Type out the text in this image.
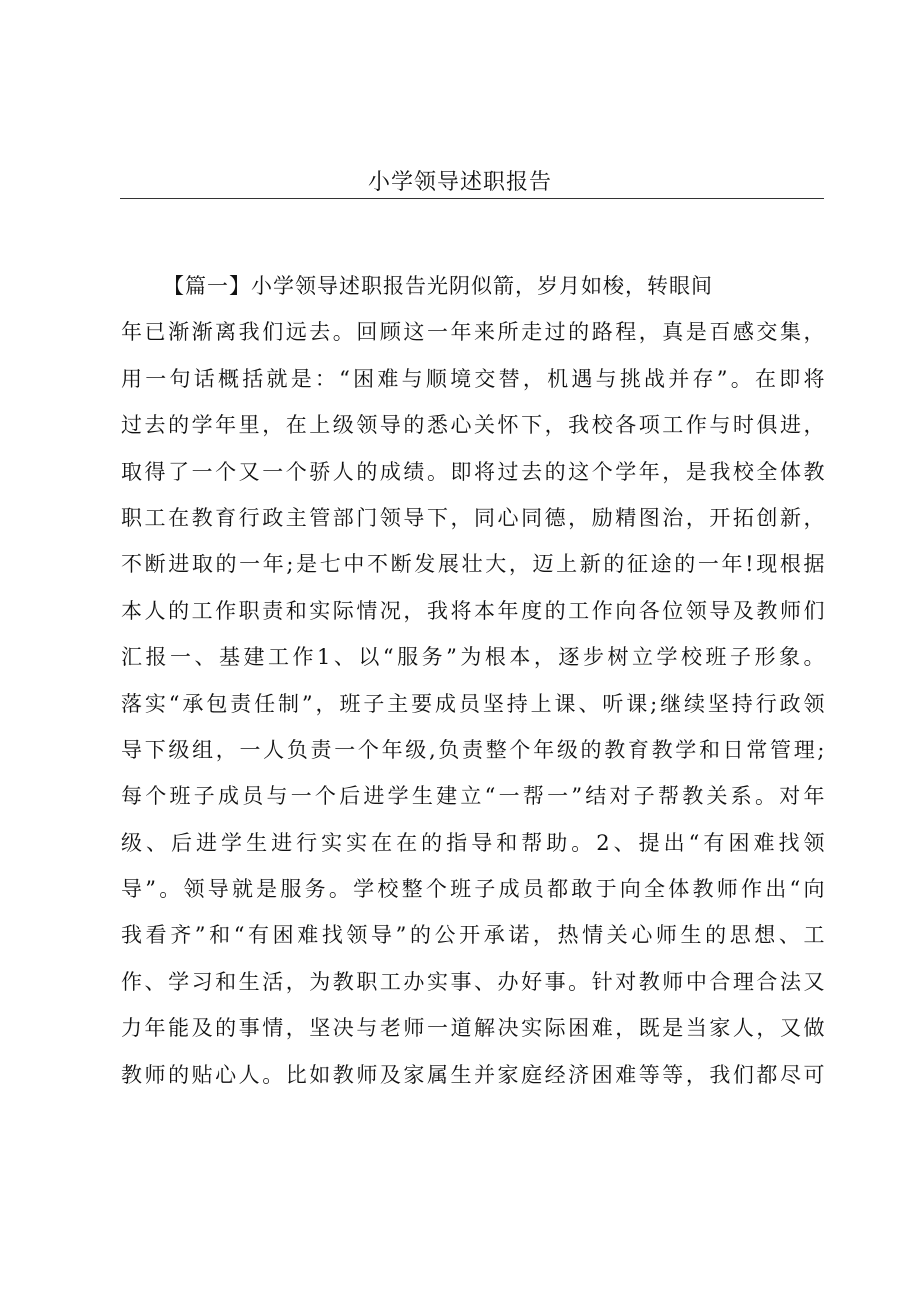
小学领导述职报告
【篇一】小学领导述职报告光阴似箭，岁月如梭，转眼间
年已渐渐离我们远去。回顾这一年来所走过的路程，真是百感交集，
用一句话概括就是：“困难与顺境交替，机遇与挑战并存”。在即将
过去的学年里，在上级领导的悉心关怀下，我校各项工作与时俱进，
取得了一个又一个骄人的成绩。即将过去的这个学年，是我校全体教
职工在教育行政主管部门领导下，同心同德，励精图治，开拓创新，
不断进取的一年;是七中不断发展壮大，迈上新的征途的一年!现根据
本人的工作职责和实际情况，我将本年度的工作向各位领导及教师们
汇报一、基建工作1、以“服务”为根本，逐步树立学校班子形象。
落实“承包责任制”，班子主要成员坚持上课、听课;继续坚持行政领
导下级组，一人负责一个年级,负责整个年级的教育教学和日常管理;
每个班子成员与一个后进学生建立“一帮一”结对子帮教关系。对年
级、后进学生进行实实在在的指导和帮助。2、提出“有困难找领
导”。领导就是服务。学校整个班子成员都敢于向全体教师作出“向
我看齐”和“有困难找领导”的公开承诺，热情关心师生的思想、工
作、学习和生活，为教职工办实事、办好事。针对教师中合理合法又
力年能及的事情，坚决与老师一道解决实际困难，既是当家人，又做
教师的贴心人。比如教师及家属生并家庭经济困难等等，我们都尽可
